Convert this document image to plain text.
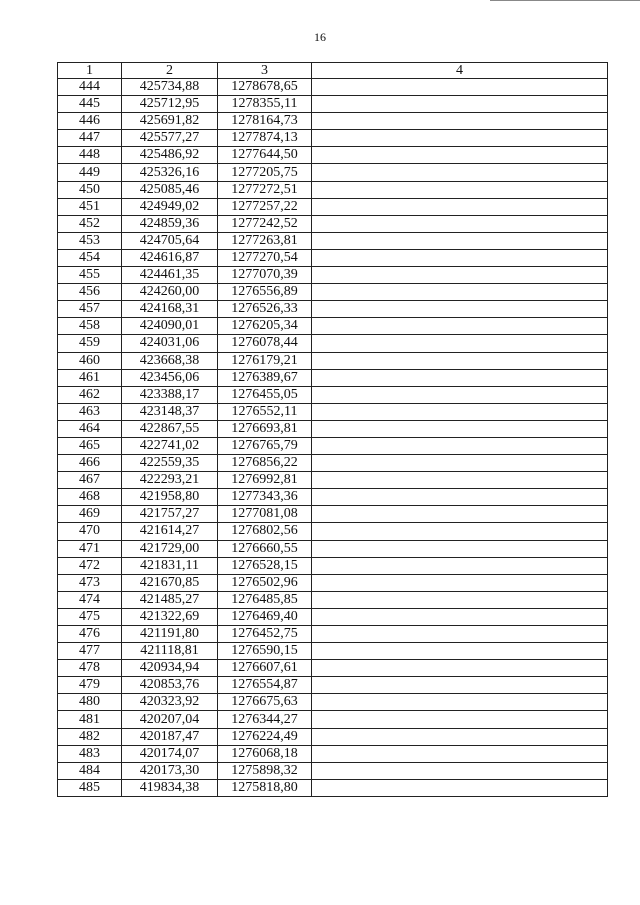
16
1	2	3	4
444	425734,88	1278678,65	
445	425712,95	1278355,11	
446	425691,82	1278164,73	
447	425577,27	1277874,13	
448	425486,92	1277644,50	
449	425326,16	1277205,75	
450	425085,46	1277272,51	
451	424949,02	1277257,22	
452	424859,36	1277242,52	
453	424705,64	1277263,81	
454	424616,87	1277270,54	
455	424461,35	1277070,39	
456	424260,00	1276556,89	
457	424168,31	1276526,33	
458	424090,01	1276205,34	
459	424031,06	1276078,44	
460	423668,38	1276179,21	
461	423456,06	1276389,67	
462	423388,17	1276455,05	
463	423148,37	1276552,11	
464	422867,55	1276693,81	
465	422741,02	1276765,79	
466	422559,35	1276856,22	
467	422293,21	1276992,81	
468	421958,80	1277343,36	
469	421757,27	1277081,08	
470	421614,27	1276802,56	
471	421729,00	1276660,55	
472	421831,11	1276528,15	
473	421670,85	1276502,96	
474	421485,27	1276485,85	
475	421322,69	1276469,40	
476	421191,80	1276452,75	
477	421118,81	1276590,15	
478	420934,94	1276607,61	
479	420853,76	1276554,87	
480	420323,92	1276675,63	
481	420207,04	1276344,27	
482	420187,47	1276224,49	
483	420174,07	1276068,18	
484	420173,30	1275898,32	
485	419834,38	1275818,80	
